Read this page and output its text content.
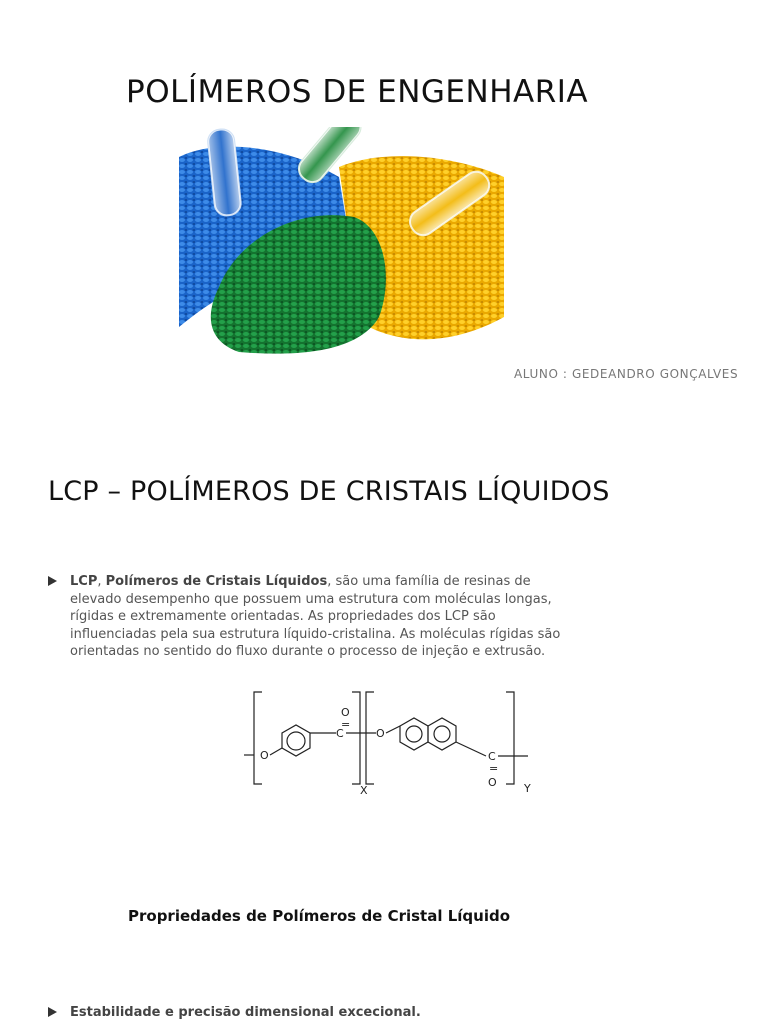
POLÍMEROS DE ENGENHARIA
ALUNO : GEDEANDRO GONÇALVES
LCP – POLÍMEROS DE CRISTAIS LÍQUIDOS
LCP, Polímeros de Cristais Líquidos, são uma família de resinas de elevado desempenho que possuem uma estrutura com moléculas longas, rígidas e extremamente orientadas. As propriedades dos LCP são influenciadas pela sua estrutura líquido-cristalina. As moléculas rígidas são orientadas no sentido do fluxo durante o processo de injeção e extrusão.
O
C
O
=
X
O
C
=
O Y
Propriedades de Polímeros de Cristal Líquido
Estabilidade e precisão dimensional excecional.
